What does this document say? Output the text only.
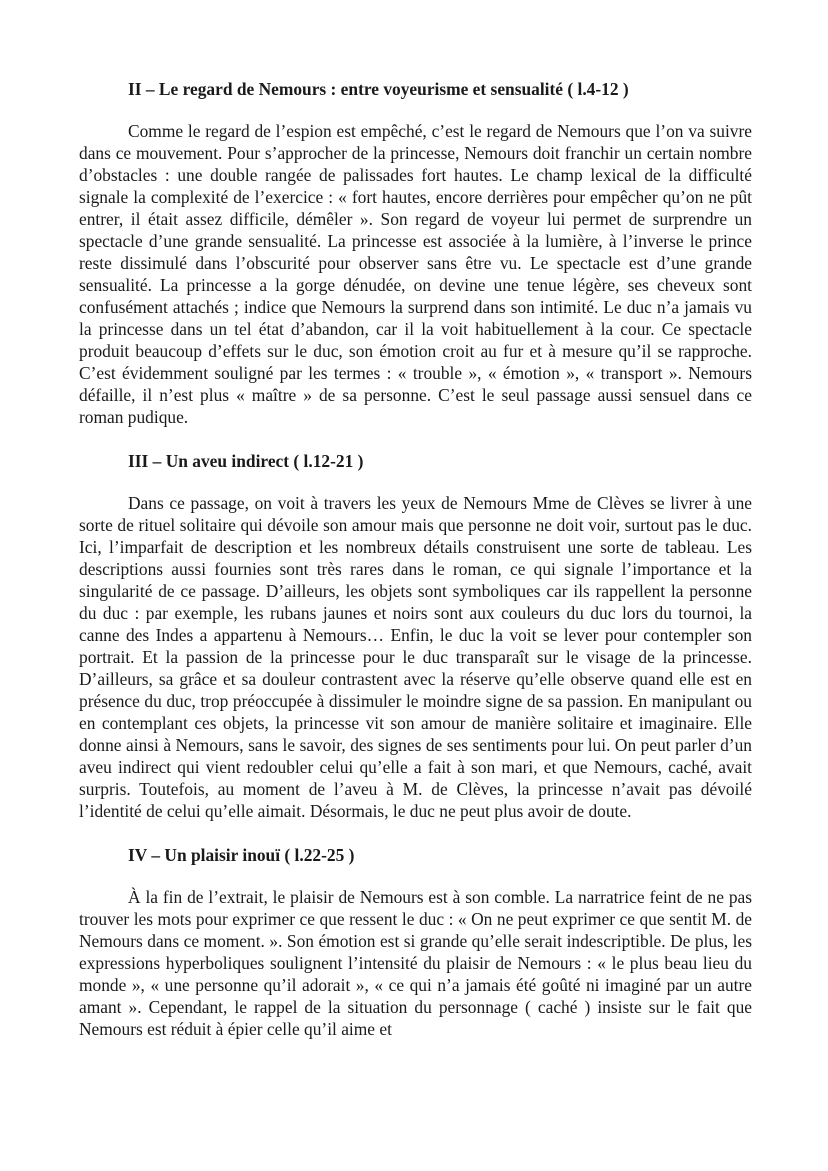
II – Le regard de Nemours : entre voyeurisme et sensualité ( l.4-12 )

Comme le regard de l’espion est empêché, c’est le regard de Nemours que l’on va suivre dans ce mouvement. Pour s’approcher de la princesse, Nemours doit franchir un certain nombre d’obstacles : une double rangée de palissades fort hautes. Le champ lexical de la difficulté signale la complexité de l’exercice : « fort hautes, encore derrières pour empêcher qu’on ne pût entrer, il était assez difficile, démêler ». Son regard de voyeur lui permet de surprendre un spectacle d’une grande sensualité. La princesse est associée à la lumière, à l’inverse le prince reste dissimulé dans l’obscurité pour observer sans être vu. Le spectacle est d’une grande sensualité. La princesse a la gorge dénudée, on devine une tenue légère, ses cheveux sont confusément attachés ; indice que Nemours la surprend dans son intimité. Le duc n’a jamais vu la princesse dans un tel état d’abandon, car il la voit habituellement à la cour. Ce spectacle produit beaucoup d’effets sur le duc, son émotion croit au fur et à mesure qu’il se rapproche. C’est évidemment souligné par les termes : « trouble », « émotion », « transport ». Nemours défaille, il n’est plus « maître » de sa personne. C’est le seul passage aussi sensuel dans ce roman pudique.

III – Un aveu indirect ( l.12-21 )

Dans ce passage, on voit à travers les yeux de Nemours Mme de Clèves se livrer à une sorte de rituel solitaire qui dévoile son amour mais que personne ne doit voir, surtout pas le duc. Ici, l’imparfait de description et les nombreux détails construisent une sorte de tableau. Les descriptions aussi fournies sont très rares dans le roman, ce qui signale l’importance et la singularité de ce passage. D’ailleurs, les objets sont symboliques car ils rappellent la personne du duc : par exemple, les rubans jaunes et noirs sont aux couleurs du duc lors du tournoi, la canne des Indes a appartenu à Nemours… Enfin, le duc la voit se lever pour contempler son portrait. Et la passion de la princesse pour le duc transparaît sur le visage de la princesse. D’ailleurs, sa grâce et sa douleur contrastent avec la réserve qu’elle observe quand elle est en présence du duc, trop préoccupée à dissimuler le moindre signe de sa passion. En manipulant ou en contemplant ces objets, la princesse vit son amour de manière solitaire et imaginaire. Elle donne ainsi à Nemours, sans le savoir, des signes de ses sentiments pour lui. On peut parler d’un aveu indirect qui vient redoubler celui qu’elle a fait à son mari, et que Nemours, caché, avait surpris. Toutefois, au moment de l’aveu à M. de Clèves, la princesse n’avait pas dévoilé l’identité de celui qu’elle aimait. Désormais, le duc ne peut plus avoir de doute.

IV – Un plaisir inouï ( l.22-25 )

À la fin de l’extrait, le plaisir de Nemours est à son comble. La narratrice feint de ne pas trouver les mots pour exprimer ce que ressent le duc : « On ne peut exprimer ce que sentit M. de Nemours dans ce moment. ». Son émotion est si grande qu’elle serait indescriptible. De plus, les expressions hyperboliques soulignent l’intensité du plaisir de Nemours : « le plus beau lieu du monde », « une personne qu’il adorait », « ce qui n’a jamais été goûté ni imaginé par un autre amant ». Cependant, le rappel de la situation du personnage ( caché ) insiste sur le fait que Nemours est réduit à épier celle qu’il aime et
